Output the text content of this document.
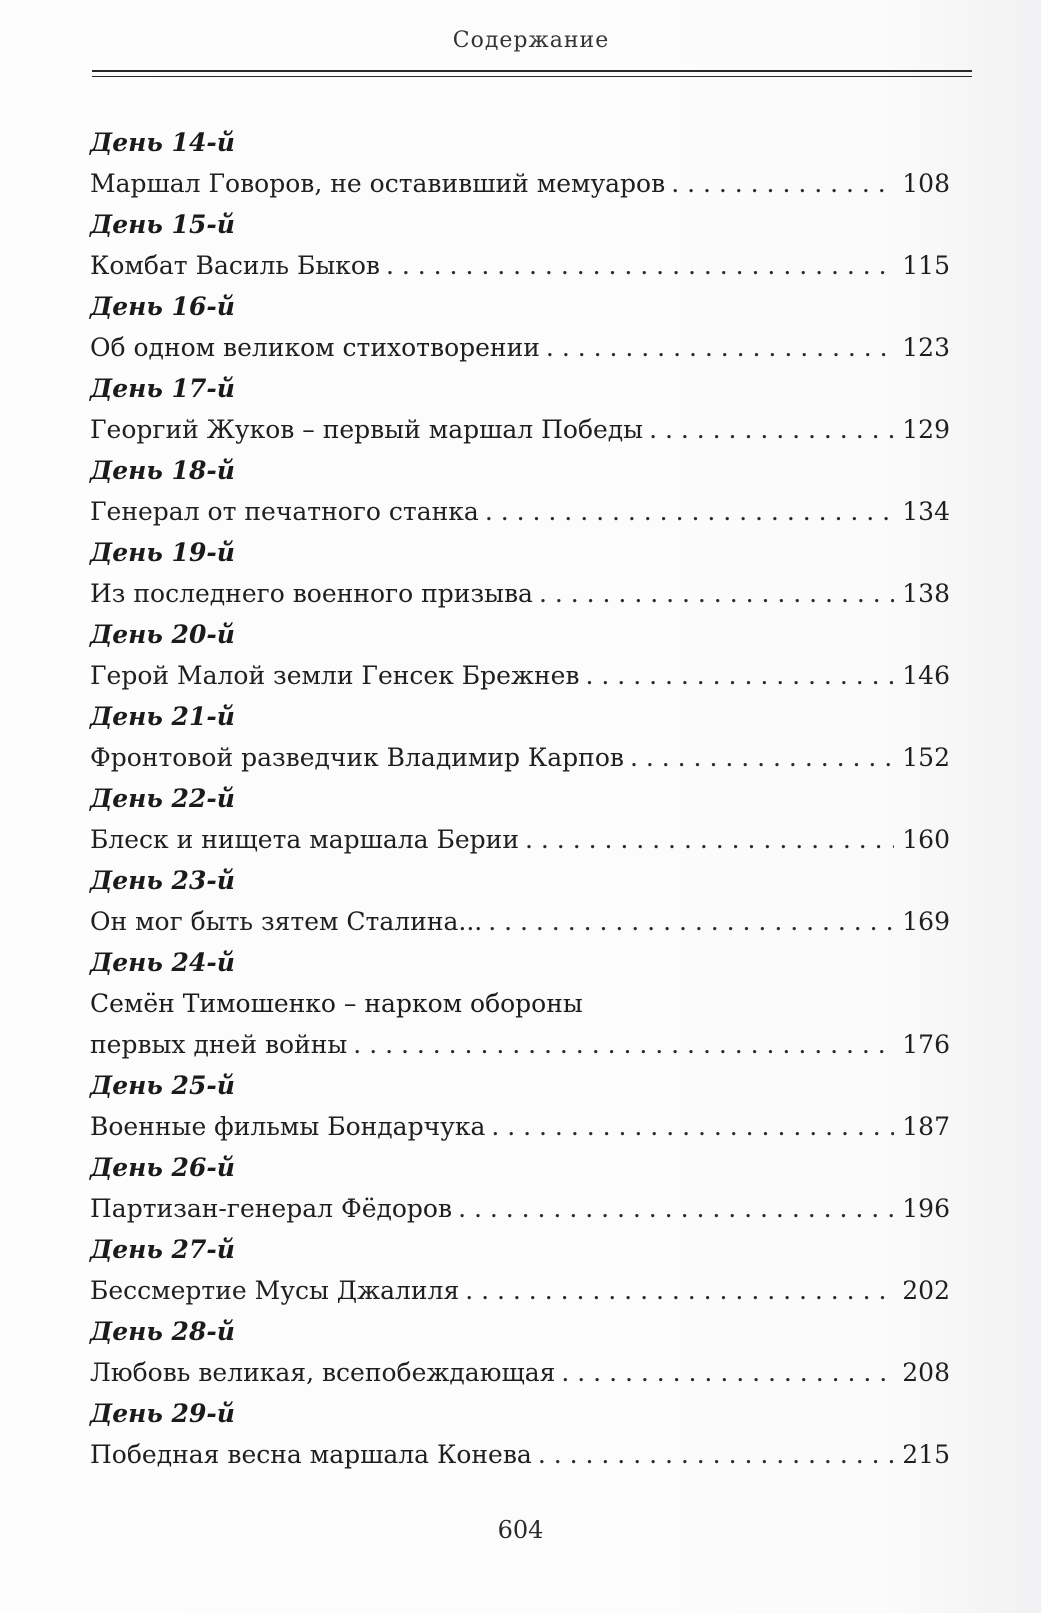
Содержание
День 14-й
Маршал Говоров, не оставивший мемуаров . . .	108
День 15-й
Комбат Василь Быков . . .	115
День 16-й
Об одном великом стихотворении . . .	123
День 17-й
Георгий Жуков – первый маршал Победы . . .	129
День 18-й
Генерал от печатного станка . . .	134
День 19-й
Из последнего военного призыва . . .	138
День 20-й
Герой Малой земли Генсек Брежнев . . .	146
День 21-й
Фронтовой разведчик Владимир Карпов . . .	152
День 22-й
Блеск и нищета маршала Берии . . .	160
День 23-й
Он мог быть зятем Сталина... . . .	169
День 24-й
Семён Тимошенко – нарком обороны
первых дней войны . . .	176
День 25-й
Военные фильмы Бондарчука . . .	187
День 26-й
Партизан-генерал Фёдоров . . .	196
День 27-й
Бессмертие Мусы Джалиля . . .	202
День 28-й
Любовь великая, всепобеждающая . . .	208
День 29-й
Победная весна маршала Конева . . .	215
604
